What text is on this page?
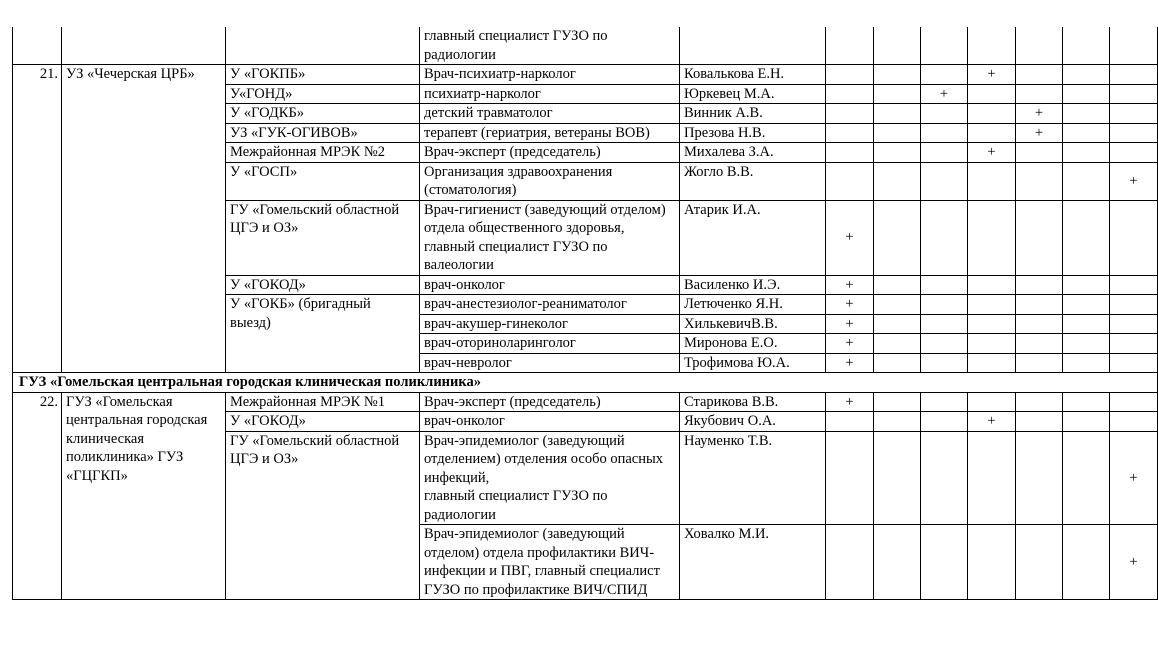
			главный специалист ГУЗО по радиологии								
21.	УЗ «Чечерская ЦРБ»	У «ГОКПБ»	Врач-психиатр-нарколог	Ковалькова Е.Н.				+			
		У«ГОНД»	психиатр-нарколог	Юркевец М.А.			+				
		У «ГОДКБ»	детский травматолог	Винник А.В.					+		
		УЗ «ГУК-ОГИВОВ»	терапевт (гериатрия, ветераны ВОВ)	Презова Н.В.					+		
		Межрайонная МРЭК №2	Врач-эксперт (председатель)	Михалева З.А.				+			
		У «ГОСП»	Организация здравоохранения (стоматология)	Жогло В.В.							+
		ГУ «Гомельский областной ЦГЭ и ОЗ»	Врач-гигиенист (заведующий отделом) отдела общественного здоровья, главный специалист ГУЗО по валеологии	Атарик И.А.	+						
		У «ГОКОД»	врач-онколог	Василенко И.Э.	+						
		У «ГОКБ» (бригадный выезд)	врач-анестезиолог-реаниматолог	Летюченко Я.Н.	+						
			врач-акушер-гинеколог	ХилькевичВ.В.	+						
			врач-оториноларинголог	Миронова Е.О.	+						
			врач-невролог	Трофимова Ю.А.	+						
ГУЗ «Гомельская центральная городская клиническая поликлиника»											
22.	ГУЗ «Гомельская центральная городская клиническая поликлиника» ГУЗ «ГЦГКП»	Межрайонная МРЭК №1	Врач-эксперт (председатель)	Старикова В.В.	+						
		У «ГОКОД»	врач-онколог	Якубович О.А.				+			
		ГУ «Гомельский областной ЦГЭ и ОЗ»	Врач-эпидемиолог (заведующий отделением) отделения особо опасных инфекций,
главный специалист ГУЗО по радиологии	Науменко Т.В.							+
			Врач-эпидемиолог (заведующий отделом) отдела профилактики ВИЧ-инфекции и ПВГ, главный специалист ГУЗО по профилактике ВИЧ/СПИД	Ховалко М.И.							+
